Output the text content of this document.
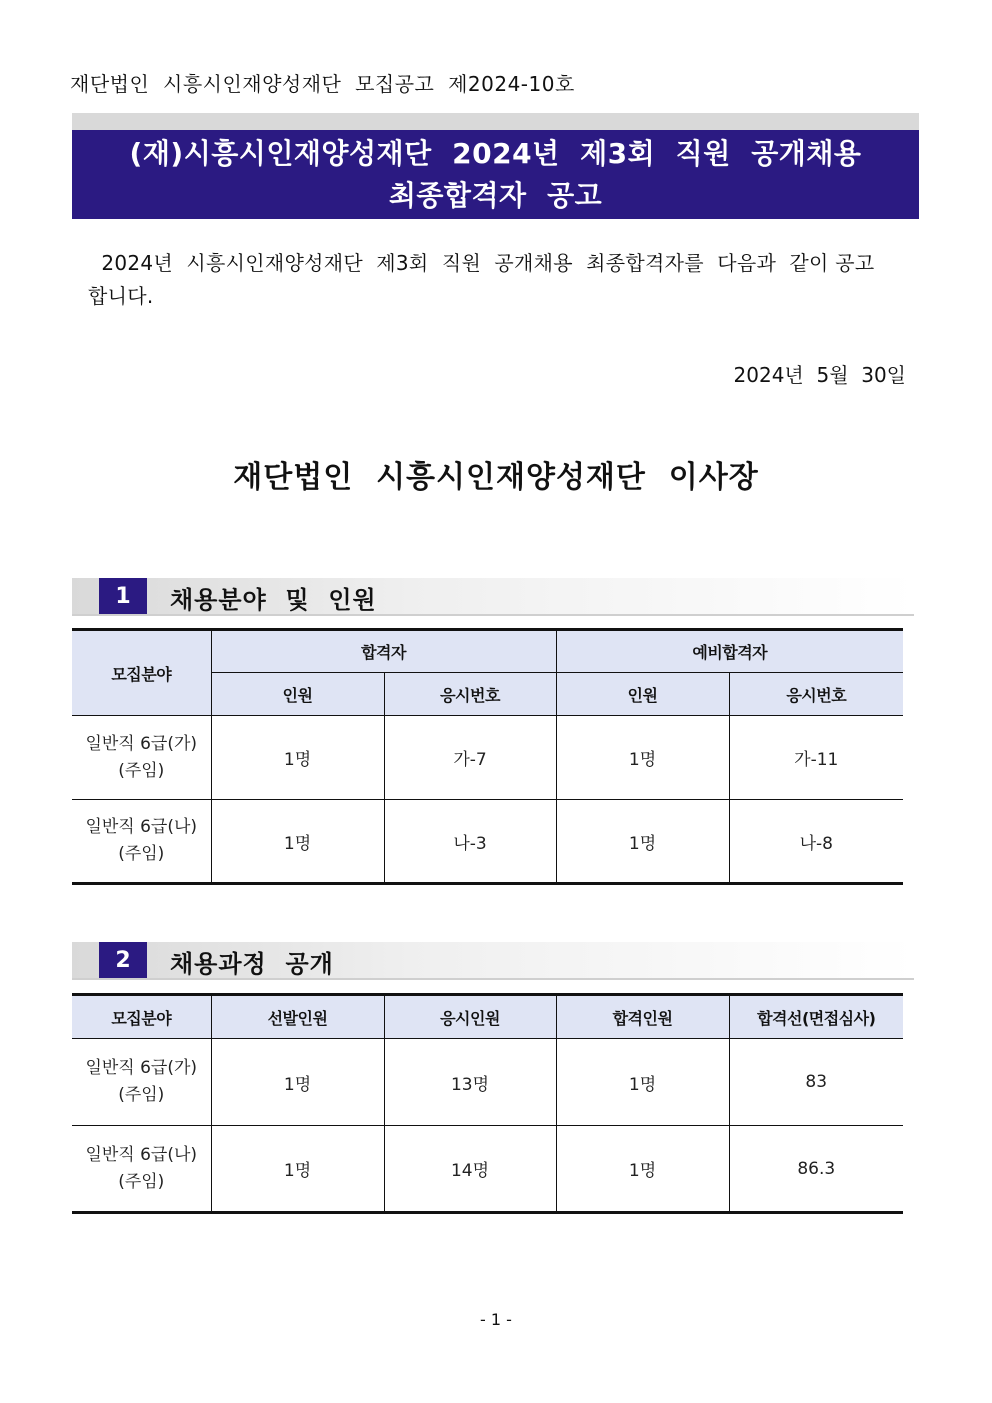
재단법인  시흥시인재양성재단  모집공고  제2024-10호
(재)시흥시인재양성재단  2024년  제3회  직원  공개채용
최종합격자  공고
2024년  시흥시인재양성재단  제3회  직원  공개채용  최종합격자를  다음과  같이 공고합니다.
2024년  5월  30일
재단법인  시흥시인재양성재단  이사장
1	채용분야  및  인원
모집분야	합격자		예비합격자	
	인원	응시번호	인원	응시번호

일반직 6급(가)
(주임)	1명	가-7	1명	가-11

일반직 6급(나)
(주임)	1명	나-3	1명	나-8
2	채용과정  공개
모집분야	선발인원	응시인원	합격인원	합격선(면접심사)

일반직 6급(가)
(주임)	1명	13명	1명	83

일반직 6급(나)
(주임)	1명	14명	1명	86.3
- 1 -
